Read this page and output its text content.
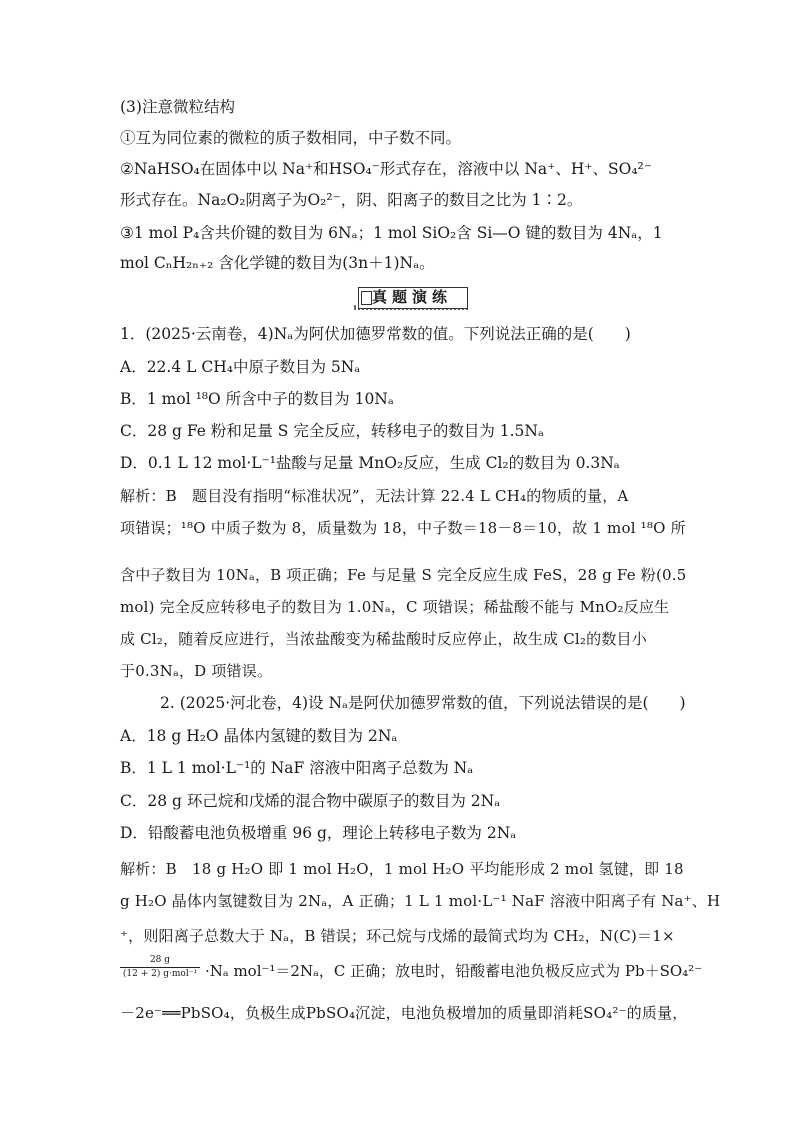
(3)注意微粒结构
①互为同位素的微粒的质子数相同，中子数不同。
②NaHSO₄在固体中以 Na⁺和HSO₄⁻形式存在，溶液中以 Na⁺、H⁺、SO₄²⁻
形式存在。Na₂O₂阴离子为O₂²⁻，阴、阳离子的数目之比为 1∶2。
③1 mol P₄含共价键的数目为 6Nₐ；1 mol SiO₂含 Si—O 键的数目为 4Nₐ，1
mol CₙH₂ₙ₊₂ 含化学键的数目为(3n＋1)Nₐ。
真题演练
1．(2025·云南卷，4)Nₐ为阿伏加德罗常数的值。下列说法正确的是(　　)
A．22.4 L CH₄中原子数目为 5Nₐ
B．1 mol ¹⁸O 所含中子的数目为 10Nₐ
C．28 g Fe 粉和足量 S 完全反应，转移电子的数目为 1.5Nₐ
D．0.1 L 12 mol·L⁻¹盐酸与足量 MnO₂反应，生成 Cl₂的数目为 0.3Nₐ
解析：B　题目没有指明“标准状况”，无法计算 22.4 L CH₄的物质的量，A
项错误；¹⁸O 中质子数为 8，质量数为 18，中子数＝18－8＝10，故 1 mol ¹⁸O 所
含中子数目为 10Nₐ，B 项正确；Fe 与足量 S 完全反应生成 FeS，28 g Fe 粉(0.5
mol) 完全反应转移电子的数目为 1.0Nₐ，C 项错误；稀盐酸不能与 MnO₂反应生
成 Cl₂，随着反应进行，当浓盐酸变为稀盐酸时反应停止，故生成 Cl₂的数目小
于0.3Nₐ，D 项错误。
2. (2025·河北卷，4)设 Nₐ是阿伏加德罗常数的值，下列说法错误的是(　　)
A．18 g H₂O 晶体内氢键的数目为 2Nₐ
B．1 L 1 mol·L⁻¹的 NaF 溶液中阳离子总数为 Nₐ
C．28 g 环己烷和戊烯的混合物中碳原子的数目为 2Nₐ
D．铅酸蓄电池负极增重 96 g，理论上转移电子数为 2Nₐ
解析：B　18 g H₂O 即 1 mol H₂O，1 mol H₂O 平均能形成 2 mol 氢键，即 18
g H₂O 晶体内氢键数目为 2Nₐ，A 正确；1 L 1 mol·L⁻¹ NaF 溶液中阳离子有 Na⁺、H
⁺，则阳离子总数大于 Nₐ，B 错误；环己烷与戊烯的最简式均为 CH₂，N(C)＝1×
28 g
(12 + 2) g·mol⁻¹ ·Nₐ mol⁻¹＝2Nₐ，C 正确；放电时，铅酸蓄电池负极反应式为 Pb＋SO₄²⁻
－2e⁻══PbSO₄，负极生成PbSO₄沉淀，电池负极增加的质量即消耗SO₄²⁻的质量，
